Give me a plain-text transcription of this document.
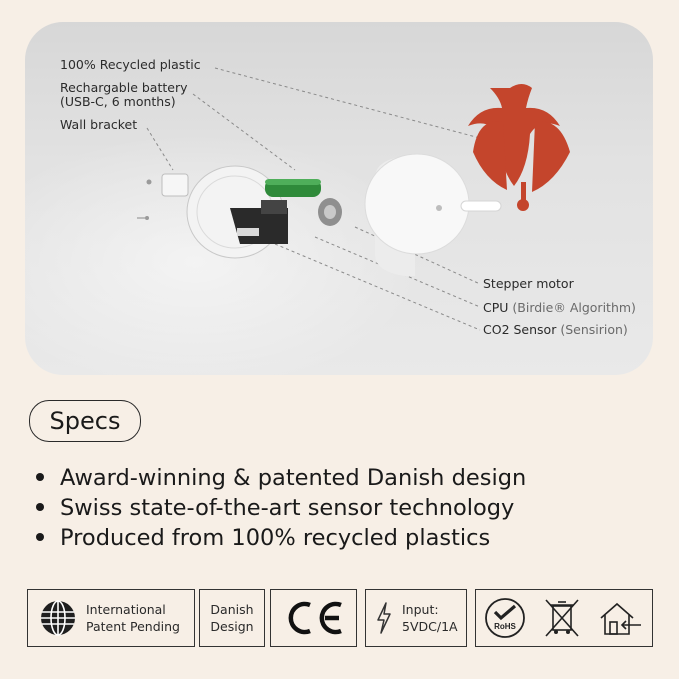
100% Recycled plastic
Rechargable battery
(USB-C, 6 months)
Wall bracket
Stepper motor
CPU (Birdie® Algorithm)
CO2 Sensor (Sensirion)
Specs
Award-winning & patented Danish design
Swiss state-of-the-art sensor technology
Produced from 100% recycled plastics
International
Patent Pending
Danish
Design
Input:
5VDC/1A	RoHS
